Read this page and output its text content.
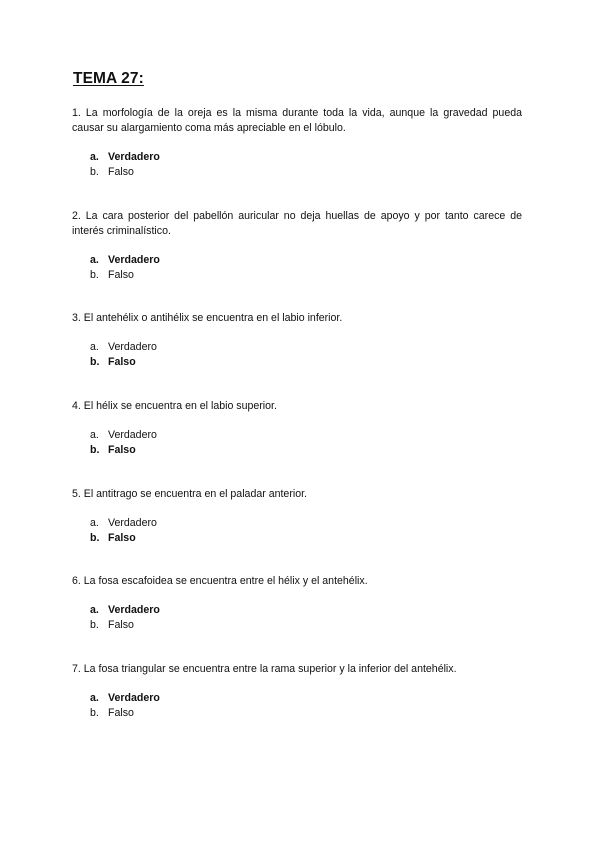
TEMA 27:

1. La morfología de la oreja es la misma durante toda la vida, aunque la gravedad pueda causar su alargamiento coma más apreciable en el lóbulo.

a. Verdadero
b. Falso

2. La cara posterior del pabellón auricular no deja huellas de apoyo y por tanto carece de interés criminalístico.

a. Verdadero
b. Falso

3. El antehélix o antihélix se encuentra en el labio inferior.

a. Verdadero
b. Falso

4. El hélix se encuentra en el labio superior.

a. Verdadero
b. Falso

5. El antitrago se encuentra en el paladar anterior.

a. Verdadero
b. Falso

6. La fosa escafoidea se encuentra entre el hélix y el antehélix.

a. Verdadero
b. Falso

7. La fosa triangular se encuentra entre la rama superior y la inferior del antehélix.

a. Verdadero
b. Falso
